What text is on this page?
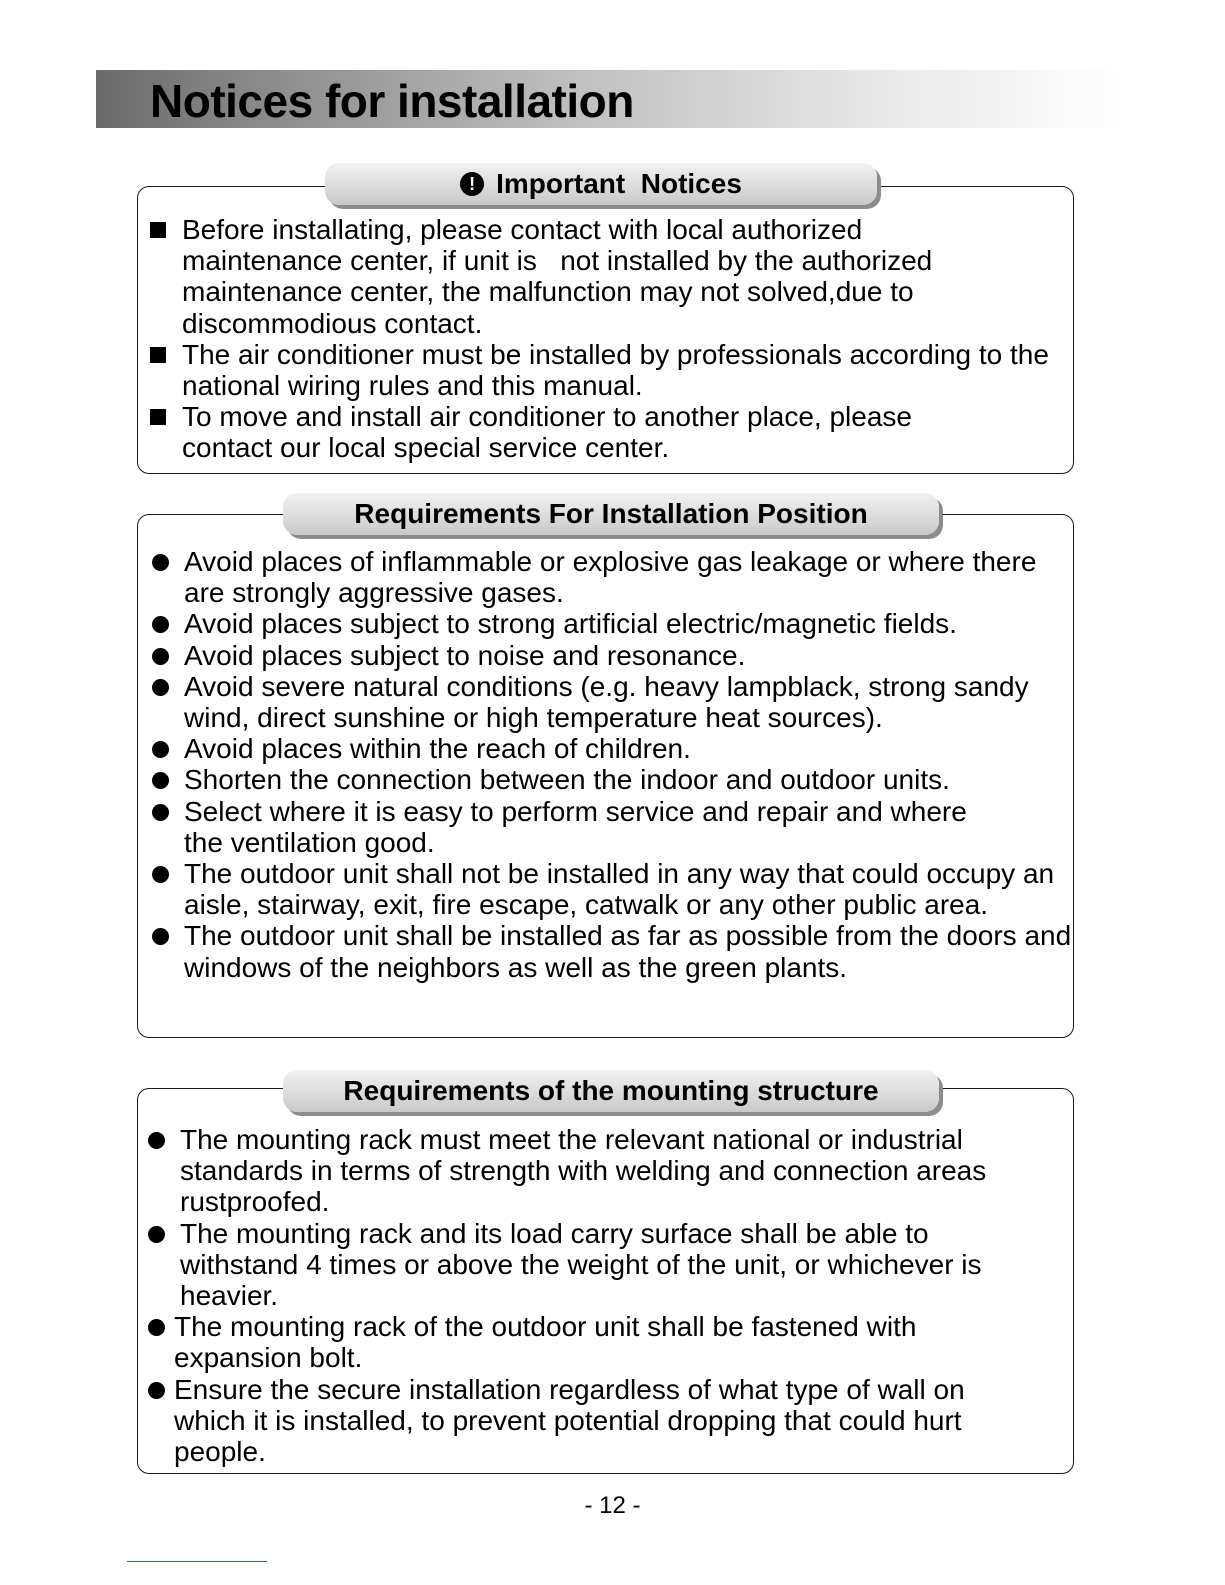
Notices for installation
! Important  Notices
Before installating, please contact with local authorized maintenance center, if unit is   not installed by the authorized maintenance center, the malfunction may not solved,due to discommodious contact.
The air conditioner must be installed by professionals according to the national wiring rules and this manual.
To move and install air conditioner to another place, please contact our local special service center.
Requirements For Installation Position
Avoid places of inflammable or explosive gas leakage or where there are strongly aggressive gases.
Avoid places subject to strong artificial electric/magnetic fields.
Avoid places subject to noise and resonance.
Avoid severe natural conditions (e.g. heavy lampblack, strong sandy wind, direct sunshine or high temperature heat sources).
Avoid places within the reach of children.
Shorten the connection between the indoor and outdoor units.
Select where it is easy to perform service and repair and where the ventilation good.
The outdoor unit shall not be installed in any way that could occupy an aisle, stairway, exit, fire escape, catwalk or any other public area.
The outdoor unit shall be installed as far as possible from the doors and windows of the neighbors as well as the green plants.
Requirements of the mounting structure
The mounting rack must meet the relevant national or industrial standards in terms of strength with welding and connection areas rustproofed.
The mounting rack and its load carry surface shall be able to withstand 4 times or above the weight of the unit, or whichever is heavier.
The mounting rack of the outdoor unit shall be fastened with expansion bolt.
Ensure the secure installation regardless of what type of wall on which it is installed, to prevent potential dropping that could hurt people.
- 12 -
